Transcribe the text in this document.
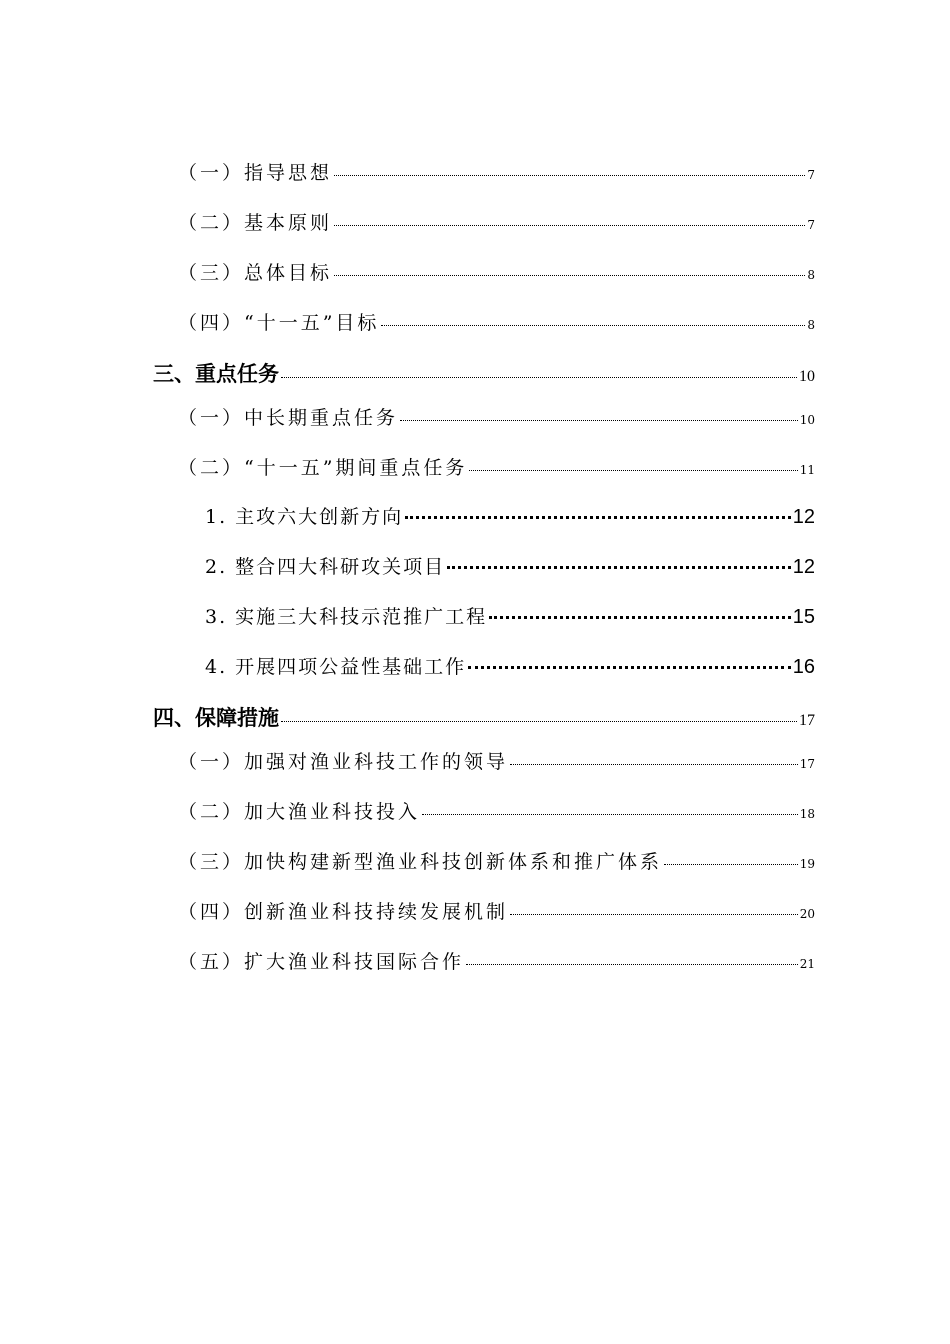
（一）指导思想	7
（二）基本原则	7
（三）总体目标	8
（四）“十一五”目标	8
三、重点任务	10
（一）中长期重点任务	10
（二）“十一五”期间重点任务	11
1. 主攻六大创新方向	12
2. 整合四大科研攻关项目	12
3. 实施三大科技示范推广工程	15
4. 开展四项公益性基础工作	16
四、保障措施	17
（一）加强对渔业科技工作的领导	17
（二）加大渔业科技投入	18
（三）加快构建新型渔业科技创新体系和推广体系	19
（四）创新渔业科技持续发展机制	20
（五）扩大渔业科技国际合作	21
